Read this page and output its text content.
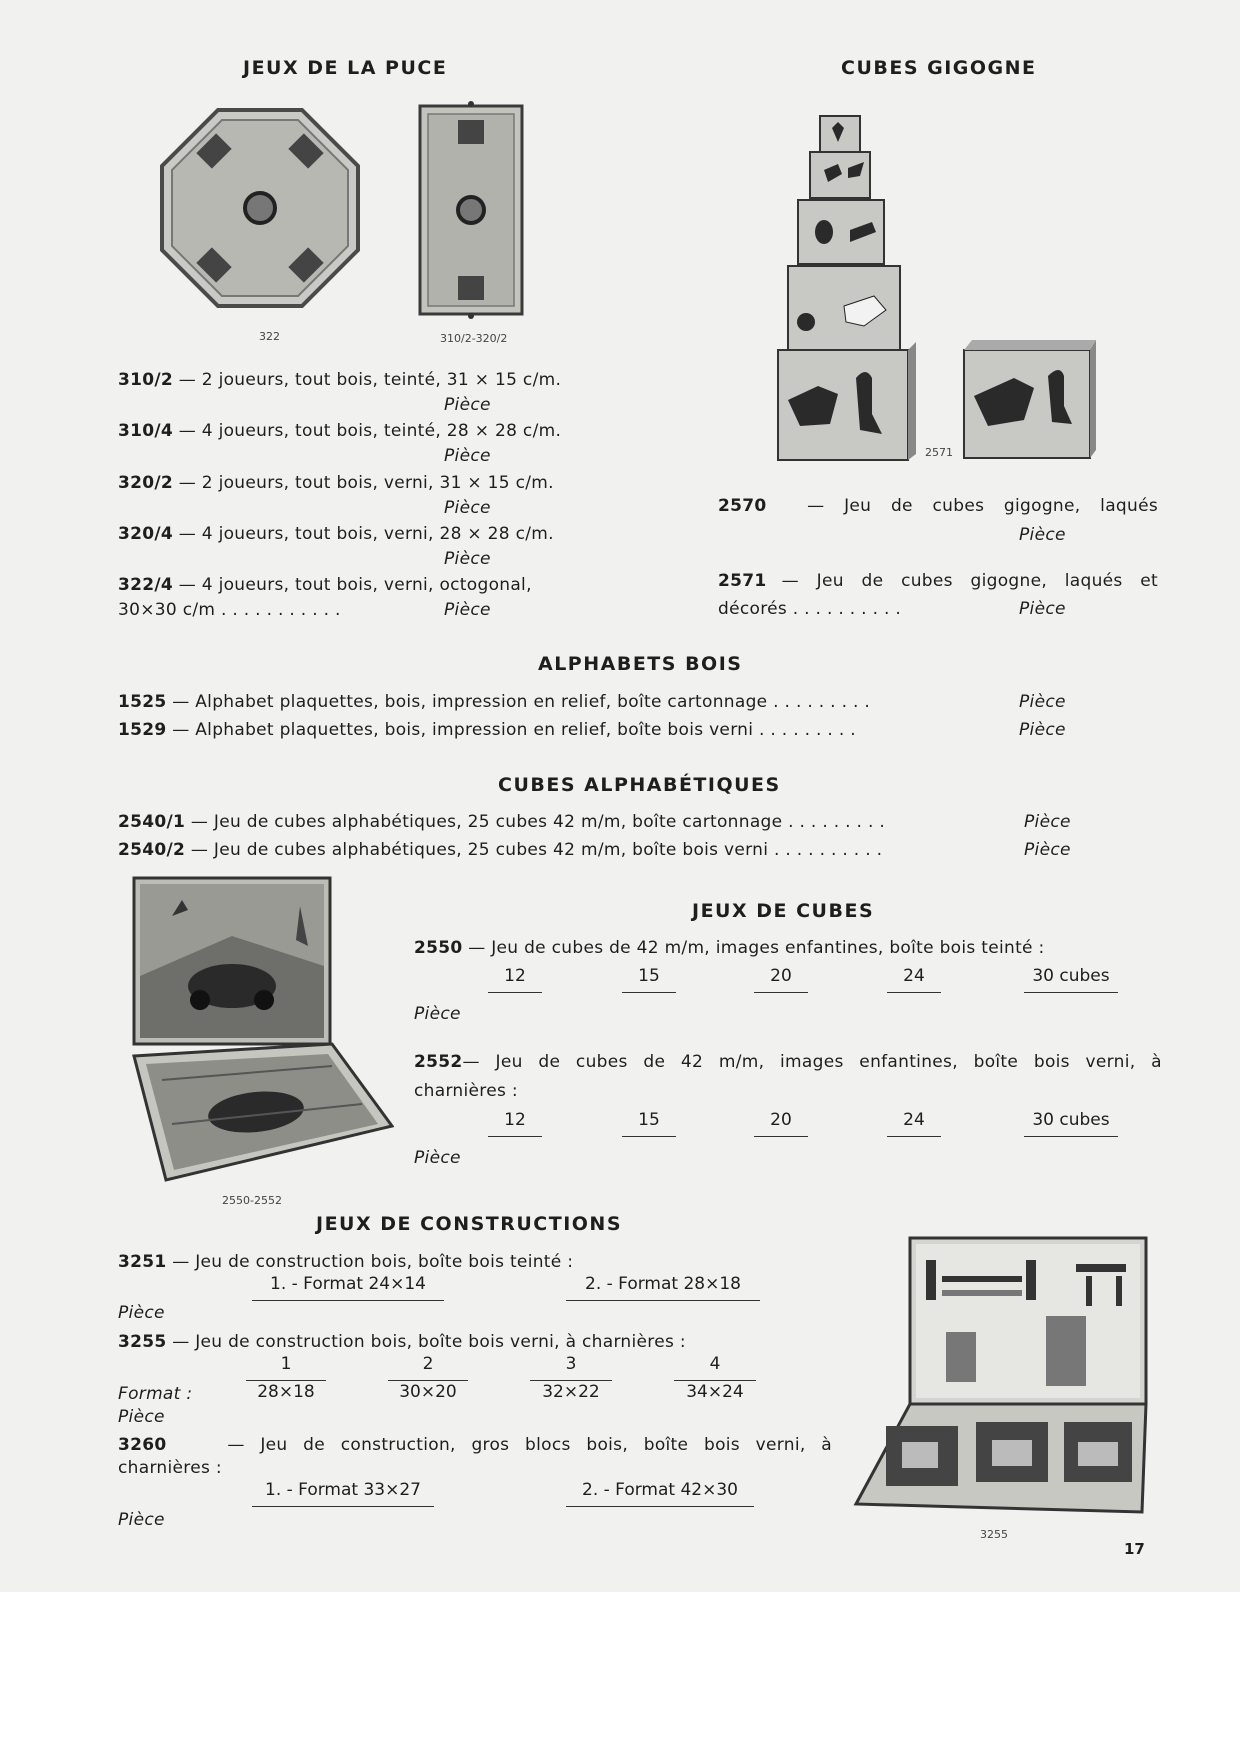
JEUX DE LA PUCE
322	310/2-320/2
310/2 — 2 joueurs, tout bois, teinté, 31 × 15 c/m.
Pièce
310/4 — 4 joueurs, tout bois, teinté, 28 × 28 c/m.
Pièce
320/2 — 2 joueurs, tout bois, verni, 31 × 15 c/m.
Pièce
320/4 — 4 joueurs, tout bois, verni, 28 × 28 c/m.
Pièce
322/4 — 4 joueurs, tout bois, verni, octogonal,
30×30 c/m . . . . . . . . . . .	Pièce
CUBES GIGOGNE
2571
2570 — Jeu de cubes gigogne, laqués
Pièce
2571 — Jeu de cubes gigogne, laqués et
décorés . . . . . . . . . .	Pièce
ALPHABETS BOIS
1525 — Alphabet plaquettes, bois, impression en relief, boîte cartonnage . . . . . . . . .	Pièce
1529 — Alphabet plaquettes, bois, impression en relief, boîte bois verni . . . . . . . . .	Pièce
CUBES ALPHABÉTIQUES
2540/1 — Jeu de cubes alphabétiques, 25 cubes 42 m/m, boîte cartonnage . . . . . . . . .	Pièce
2540/2 — Jeu de cubes alphabétiques, 25 cubes 42 m/m, boîte bois verni . . . . . . . . . .	Pièce
2550-2552
JEUX DE CUBES
2550 — Jeu de cubes de 42 m/m, images enfantines, boîte bois teinté :
12	15	20	24	30 cubes
Pièce
2552 — Jeu de cubes de 42 m/m, images enfantines, boîte bois verni, à
charnières :
12	15	20	24	30 cubes
Pièce
JEUX DE CONSTRUCTIONS
3251 — Jeu de construction bois, boîte bois teinté :
1. - Format 24×14	2. - Format 28×18
Pièce
3255 — Jeu de construction bois, boîte bois verni, à charnières :
1	2	3	4
Format :	28×18	30×20	32×22	34×24
Pièce
3260	— Jeu de construction, gros blocs bois, boîte bois verni, à
charnières :
1. - Format 33×27	2. - Format 42×30
Pièce
3255
17
